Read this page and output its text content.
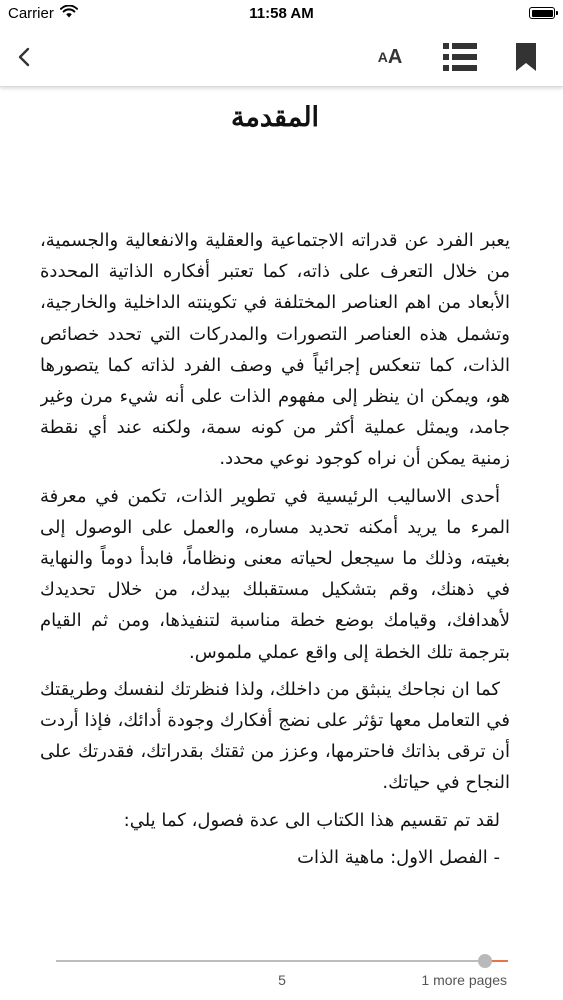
Carrier	11:58 AM
A A
المقدمة

يعبر الفرد عن قدراته الاجتماعية والعقلية والانفعالية والجسمية، من خلال التعرف على ذاته، كما تعتبر أفكاره الذاتية المحددة الأبعاد من اهم العناصر المختلفة في تكوينته الداخلية والخارجية، وتشمل هذه العناصر التصورات والمدركات التي تحدد خصائص الذات، كما تنعكس إجرائياً في وصف الفرد لذاته كما يتصورها هو، ويمكن ان ينظر إلى مفهوم الذات على أنه شيء مرن وغير جامد، ويمثل عملية أكثر من كونه سمة، ولكنه عند أي نقطة زمنية يمكن أن نراه كوجود نوعي محدد.

أحدى الاساليب الرئيسية في تطوير الذات، تكمن في معرفة المرء ما يريد أمكنه تحديد مساره، والعمل على الوصول إلى بغيته، وذلك ما سيجعل لحياته معنى ونظاماً، فابدأ دوماً والنهاية في ذهنك، وقم بتشكيل مستقبلك بيدك، من خلال تحديدك لأهدافك، وقيامك بوضع خطة مناسبة لتنفيذها، ومن ثم القيام بترجمة تلك الخطة إلى واقع عملي ملموس.

كما ان نجاحك ينبثق من داخلك، ولذا فنظرتك لنفسك وطريقتك في التعامل معها تؤثر على نضج أفكارك وجودة أدائك، فإذا أردت أن ترقى بذاتك فاحترمها، وعزز من ثقتك بقدراتك، فقدرتك على النجاح في حياتك.

لقد تم تقسيم هذا الكتاب الى عدة فصول، كما يلي:

- الفصل الاول: ماهية الذات

5	1 more pages
